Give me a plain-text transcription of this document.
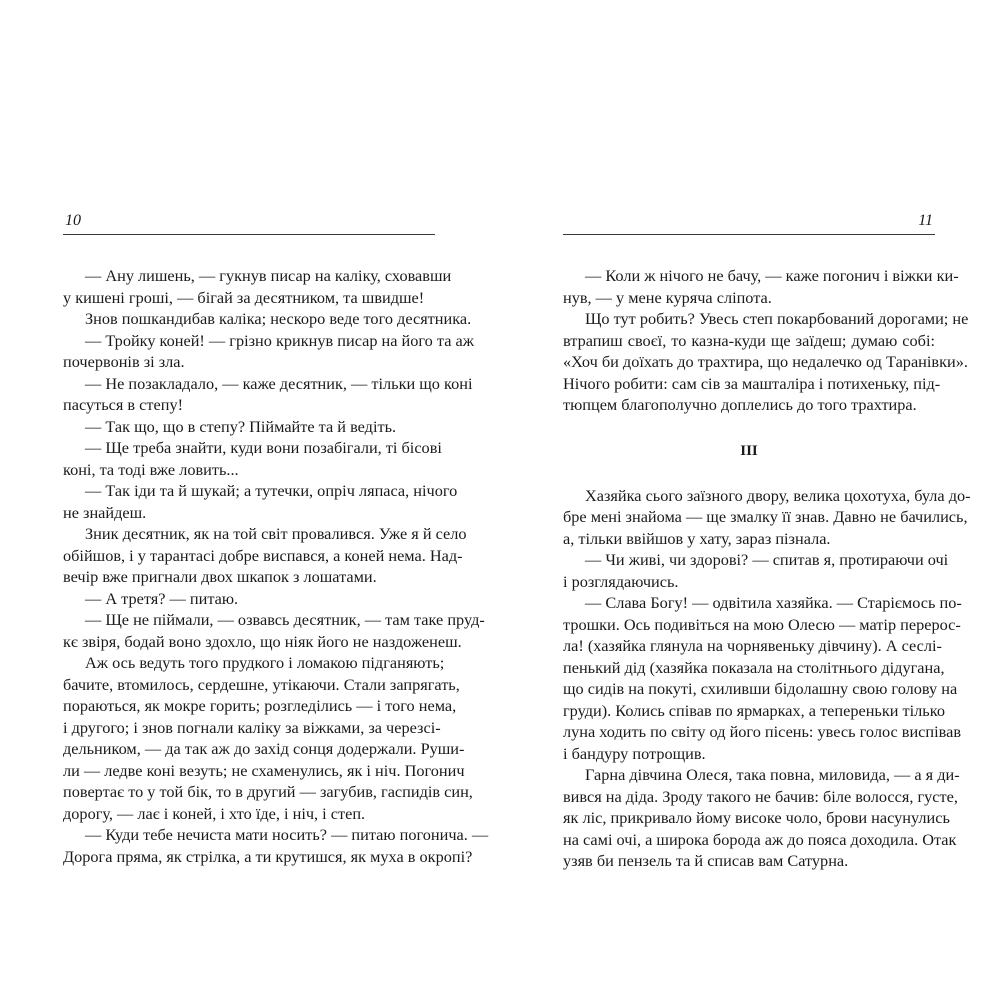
10
— Ану лишень, — гукнув писар на каліку, сховавши
у кишені гроші, — бігай за десятником, та швидше!
Знов пошкандибав каліка; нескоро веде того десятника.
— Тройку коней! — грізно крикнув писар на його та аж
почервонів зі зла.
— Не позакладало, — каже десятник, — тільки що коні
пасуться в степу!
— Так що, що в степу? Піймайте та й ведіть.
— Ще треба знайти, куди вони позабігали, ті бісові
коні, та тоді вже ловить...
— Так іди та й шукай; а тутечки, опріч ляпаса, нічого
не знайдеш.
Зник десятник, як на той світ провалився. Уже я й село
обійшов, і у тарантасі добре виспався, а коней нема. Над-
вечір вже пригнали двох шкапок з лошатами.
— А третя? — питаю.
— Ще не піймали, — озвавсь десятник, — там таке пруд-
кє звіря, бодай воно здохло, що ніяк його не наздоженеш.
Аж ось ведуть того прудкого і ломакою підганяють;
бачите, втомилось, сердешне, утікаючи. Стали запрягать,
пораються, як мокре горить; розгледілись — і того нема,
і другого; і знов погнали каліку за віжками, за черезсі-
дельником, — да так аж до захід сонця додержали. Руши-
ли — ледве коні везуть; не схаменулись, як і ніч. Погонич
повертає то у той бік, то в другий — загубив, гаспидів син,
дорогу, — лає і коней, і хто їде, і ніч, і степ.
— Куди тебе нечиста мати носить? — питаю погонича. —
Дорога пряма, як стрілка, а ти крутишся, як муха в окропі?
11
— Коли ж нічого не бачу, — каже погонич і віжки ки-
нув, — у мене куряча сліпота.
Що тут робить? Увесь степ покарбований дорогами; не
втрапиш своєї, то казна-куди ще заїдеш; думаю собі:
«Хоч би доїхать до трахтира, що недалечко од Таранівки».
Нічого робити: сам сів за машталіра і потихеньку, під-
тюпцем благополучно доплелись до того трахтира.
III
Хазяйка сього заїзного двору, велика цохотуха, була до-
бре мені знайома — ще змалку її знав. Давно не бачились,
а, тільки ввійшов у хату, зараз пізнала.
— Чи живі, чи здорові? — спитав я, протираючи очі
і розглядаючись.
— Слава Богу! — одвітила хазяйка. — Старіємось по-
трошки. Ось подивіться на мою Олесю — матір перерос-
ла! (хазяйка глянула на чорнявеньку дівчину). А сеслі-
пенький дід (хазяйка показала на столітнього дідугана,
що сидів на покуті, схиливши бідолашну свою голову на
груди). Колись співав по ярмарках, а тепереньки тілько
луна ходить по світу од його пісень: увесь голос виспівав
і бандуру потрощив.
Гарна дівчина Олеся, така повна, миловида, — а я ди-
вився на діда. Зроду такого не бачив: біле волосся, густе,
як ліс, прикривало йому високе чоло, брови насунулись
на самі очі, а широка борода аж до пояса доходила. Отак
узяв би пензель та й списав вам Сатурна.
